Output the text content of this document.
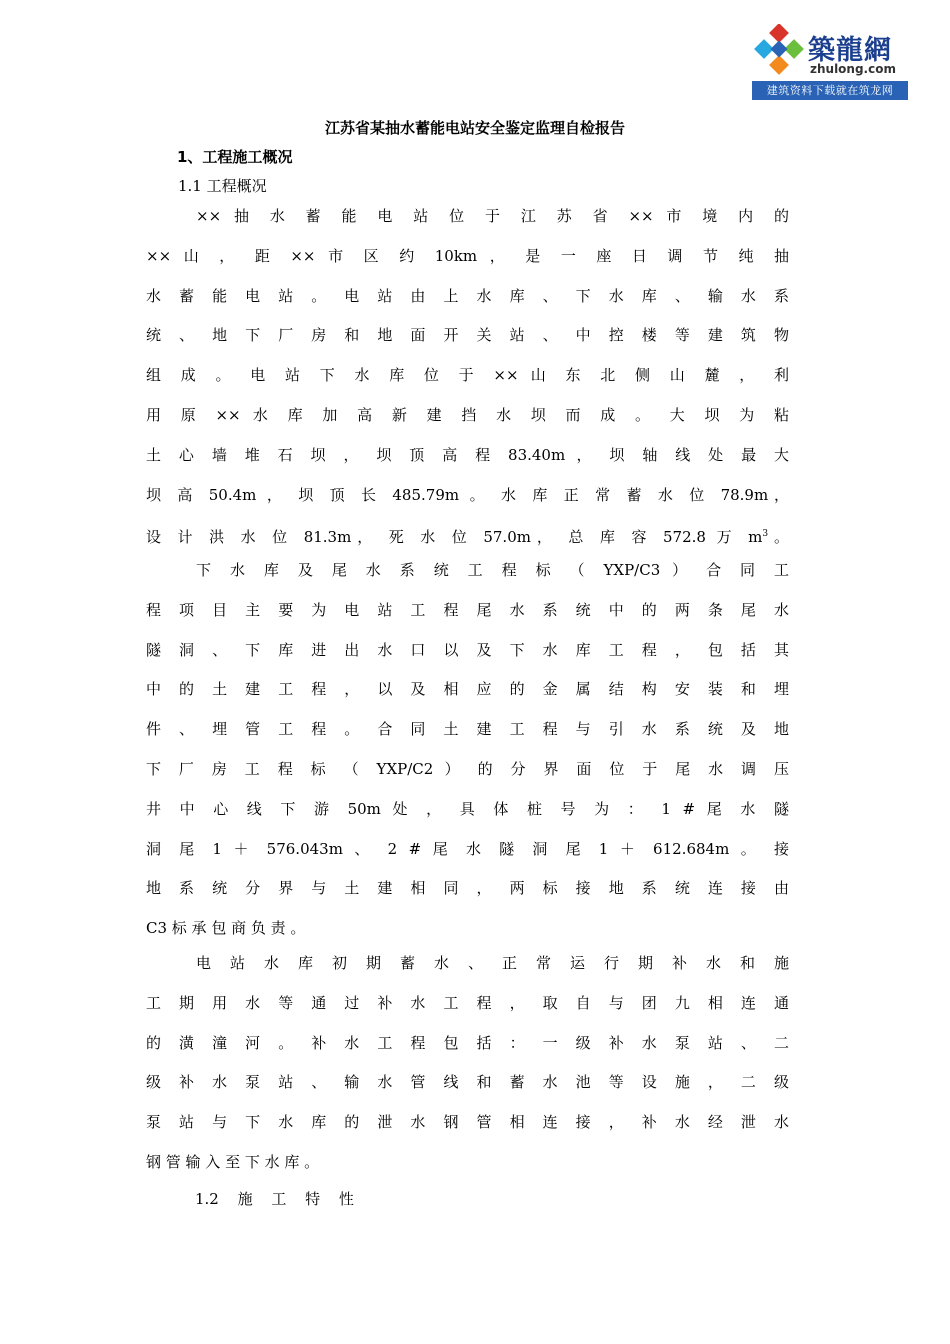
築龍網
zhulong.com
建筑资料下载就在筑龙网
江苏省某抽水蓄能电站安全鉴定监理自检报告
1、工程施工概况
1.1 工程概况
×× 抽 水 蓄 能 电 站 位 于 江 苏 省 ×× 市 境 内 的
×× 山 ， 距 ×× 市 区 约 10km ， 是 一 座 日 调 节 纯 抽
水 蓄 能 电 站 。 电 站 由 上 水 库 、 下 水 库 、 输 水 系
统 、 地 下 厂 房 和 地 面 开 关 站 、 中 控 楼 等 建 筑 物
组 成 。 电 站 下 水 库 位 于 ×× 山 东 北 侧 山 麓 ， 利
用 原 ×× 水 库 加 高 新 建 挡 水 坝 而 成 。 大 坝 为 粘
土 心 墙 堆 石 坝 ， 坝 顶 高 程 83.40m ， 坝 轴 线 处 最 大
坝 高 50.4m ， 坝 顶 长 485.79m 。 水 库 正 常 蓄 水 位 78.9m，
设 计 洪 水 位 81.3m， 死 水 位 57.0m， 总 库 容 572.8 万 $m^3$。
下 水 库 及 尾 水 系 统 工 程 标 （ YXP/C3 ） 合 同 工
程 项 目 主 要 为 电 站 工 程 尾 水 系 统 中 的 两 条 尾 水
隧 洞 、 下 库 进 出 水 口 以 及 下 水 库 工 程 ， 包 括 其
中 的 土 建 工 程 ， 以 及 相 应 的 金 属 结 构 安 装 和 埋
件 、 埋 管 工 程 。 合 同 土 建 工 程 与 引 水 系 统 及 地
下 厂 房 工 程 标 （ YXP/C2 ） 的 分 界 面 位 于 尾 水 调 压
井 中 心 线 下 游 50m 处 ， 具 体 桩 号 为 ： 1 # 尾 水 隧
洞 尾 1 ＋ 576.043m 、 2 # 尾 水 隧 洞 尾 1 ＋ 612.684m 。 接
地 系 统 分 界 与 土 建 相 同 ， 两 标 接 地 系 统 连 接 由
C3 标 承 包 商 负 责 。
电 站 水 库 初 期 蓄 水 、 正 常 运 行 期 补 水 和 施
工 期 用 水 等 通 过 补 水 工 程 ， 取 自 与 团 九 相 连 通
的 潢 潼 河 。 补 水 工 程 包 括 ： 一 级 补 水 泵 站 、 二
级 补 水 泵 站 、 输 水 管 线 和 蓄 水 池 等 设 施 ， 二 级
泵 站 与 下 水 库 的 泄 水 钢 管 相 连 接 ， 补 水 经 泄 水
钢 管 输 入 至 下 水 库 。
1.2 施 工 特 性
